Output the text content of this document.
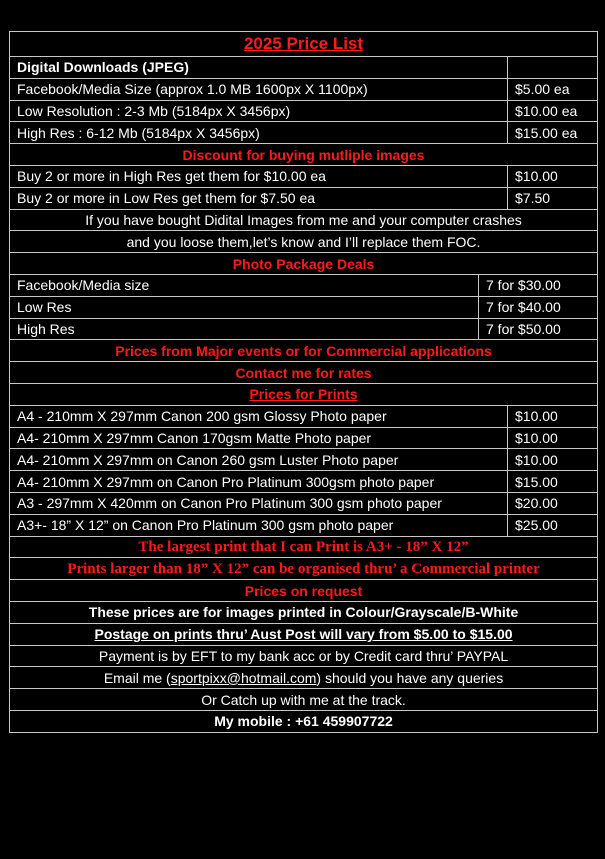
2025 Price List		
Digital Downloads (JPEG)		
Facebook/Media Size (approx 1.0 MB 1600px X 1100px)		$5.00 ea
Low Resolution : 2-3 Mb (5184px X 3456px)		$10.00 ea
High Res : 6-12 Mb (5184px X 3456px)		$15.00 ea
Discount for buying mutliple images		
Buy 2 or more in High Res get them for $10.00 ea		$10.00
Buy 2 or more in Low Res get them for $7.50 ea		$7.50
If you have bought Didital Images from me and your computer crashes		
and you loose them,let’s know and I’ll replace them FOC.		
Photo Package Deals		
Facebook/Media size	7 for $30.00	
Low Res	7 for $40.00	
High Res	7 for $50.00	
Prices from Major events or for Commercial applications		
Contact me for rates		
Prices for Prints		
A4 - 210mm X 297mm Canon 200 gsm Glossy Photo paper		$10.00
A4- 210mm X 297mm Canon 170gsm Matte Photo paper		$10.00
A4- 210mm X 297mm on Canon 260 gsm Luster Photo paper		$10.00
A4- 210mm X 297mm on Canon Pro Platinum 300gsm photo paper		$15.00
A3 - 297mm X 420mm on Canon Pro Platinum 300 gsm photo paper		$20.00
A3+- 18” X 12” on Canon Pro Platinum 300 gsm photo paper		$25.00
The largest print that I can Print is A3+ - 18” X 12”		
Prints larger than 18” X 12” can be organised thru’ a Commercial printer		
Prices on request		
These prices are for images printed in Colour/Grayscale/B-White		
Postage on prints thru’ Aust Post will vary from $5.00 to $15.00		
Payment is by EFT to my bank acc or by Credit card thru’ PAYPAL		
Email me (sportpixx@hotmail.com) should you have any queries		
Or Catch up with me at the track.		
My mobile : +61 459907722		
